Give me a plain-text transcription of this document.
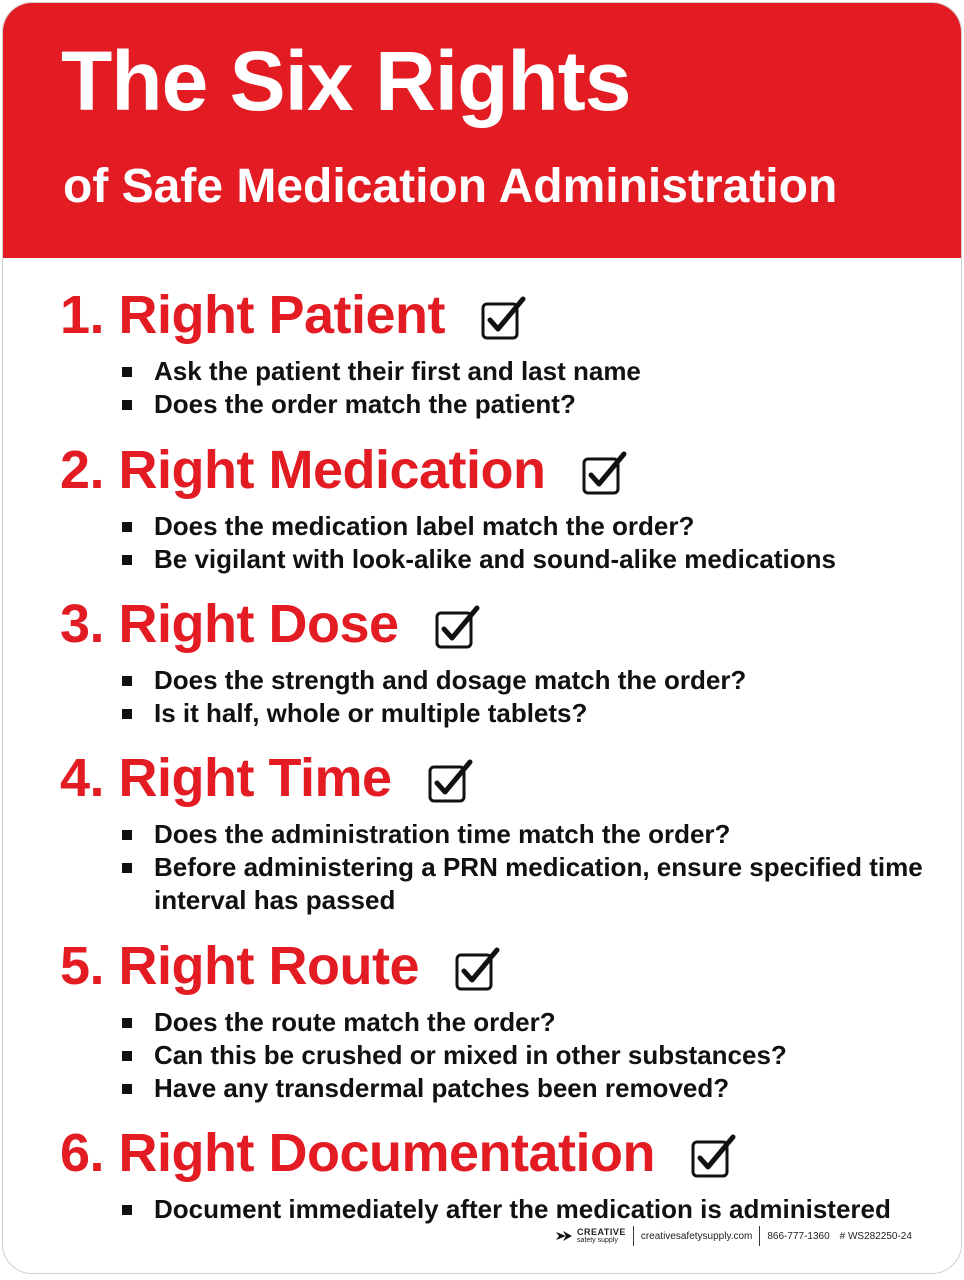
The Six Rights
of Safe Medication Administration
1. Right Patient
Ask the patient their first and last name
Does the order match the patient?
2. Right Medication
Does the medication label match the order?
Be vigilant with look-alike and sound-alike medications
3. Right Dose
Does the strength and dosage match the order?
Is it half, whole or multiple tablets?
4. Right Time
Does the administration time match the order?
Before administering a PRN medication, ensure specified time interval has passed
5. Right Route
Does the route match the order?
Can this be crushed or mixed in other substances?
Have any transdermal patches been removed?
6. Right Documentation
Document immediately after the medication is administered
CREATIVE
safety supply	creativesafetysupply.com 866-777-1360 # WS282250-24
